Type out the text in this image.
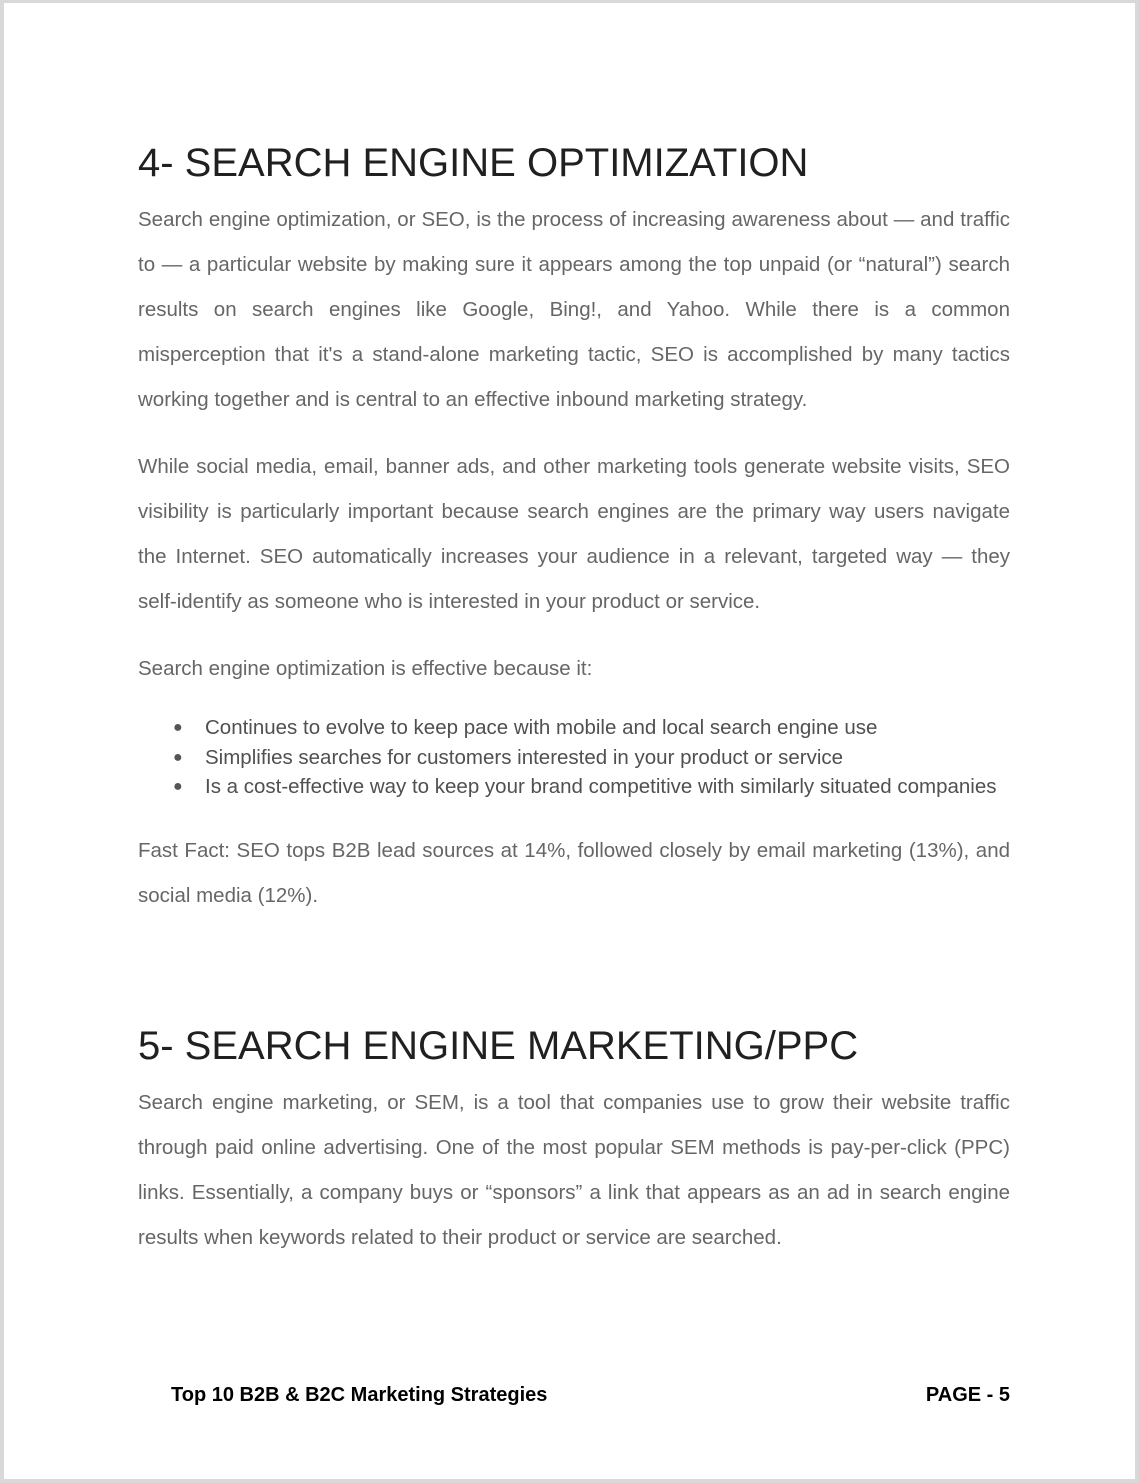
4- SEARCH ENGINE OPTIMIZATION

Search engine optimization, or SEO, is the process of increasing awareness about — and traffic to — a particular website by making sure it appears among the top unpaid (or “natural”) search results on search engines like Google, Bing!, and Yahoo. While there is a common misperception that it's a stand-alone marketing tactic, SEO is accomplished by many tactics working together and is central to an effective inbound marketing strategy.

While social media, email, banner ads, and other marketing tools generate website visits, SEO visibility is particularly important because search engines are the primary way users navigate the Internet. SEO automatically increases your audience in a relevant, targeted way — they self-identify as someone who is interested in your product or service.

Search engine optimization is effective because it:

● Continues to evolve to keep pace with mobile and local search engine use
● Simplifies searches for customers interested in your product or service
● Is a cost-effective way to keep your brand competitive with similarly situated companies

Fast Fact: SEO tops B2B lead sources at 14%, followed closely by email marketing (13%), and social media (12%).

5- SEARCH ENGINE MARKETING/PPC

Search engine marketing, or SEM, is a tool that companies use to grow their website traffic through paid online advertising. One of the most popular SEM methods is pay-per-click (PPC) links. Essentially, a company buys or “sponsors” a link that appears as an ad in search engine results when keywords related to their product or service are searched.

Top 10 B2B & B2C Marketing Strategies	PAGE - 5
